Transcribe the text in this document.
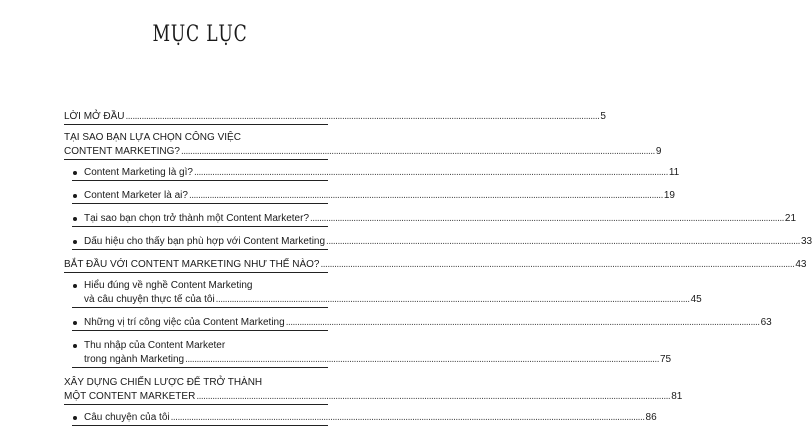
MỤC LỤC
LỜI MỞ ĐẦU .....	5
TẠI SAO BẠN LỰA CHỌN CÔNG VIỆC
CONTENT MARKETING? .....	9
Content Marketing là gì? .....	11
Content Marketer là ai? .....	19
Tại sao bạn chọn trở thành một Content Marketer? .....	21
Dấu hiệu cho thấy bạn phù hợp với Content Marketing .....	33
BẮT ĐẦU VỚI CONTENT MARKETING NHƯ THẾ NÀO? .....	43
Hiểu đúng về nghề Content Marketing
và câu chuyện thực tế của tôi .....	45
Những vị trí công việc của Content Marketing .....	63
Thu nhập của Content Marketer
trong ngành Marketing .....	75
XÂY DỰNG CHIẾN LƯỢC ĐỂ TRỞ THÀNH
MỘT CONTENT MARKETER .....	81
Câu chuyện của tôi .....	86
